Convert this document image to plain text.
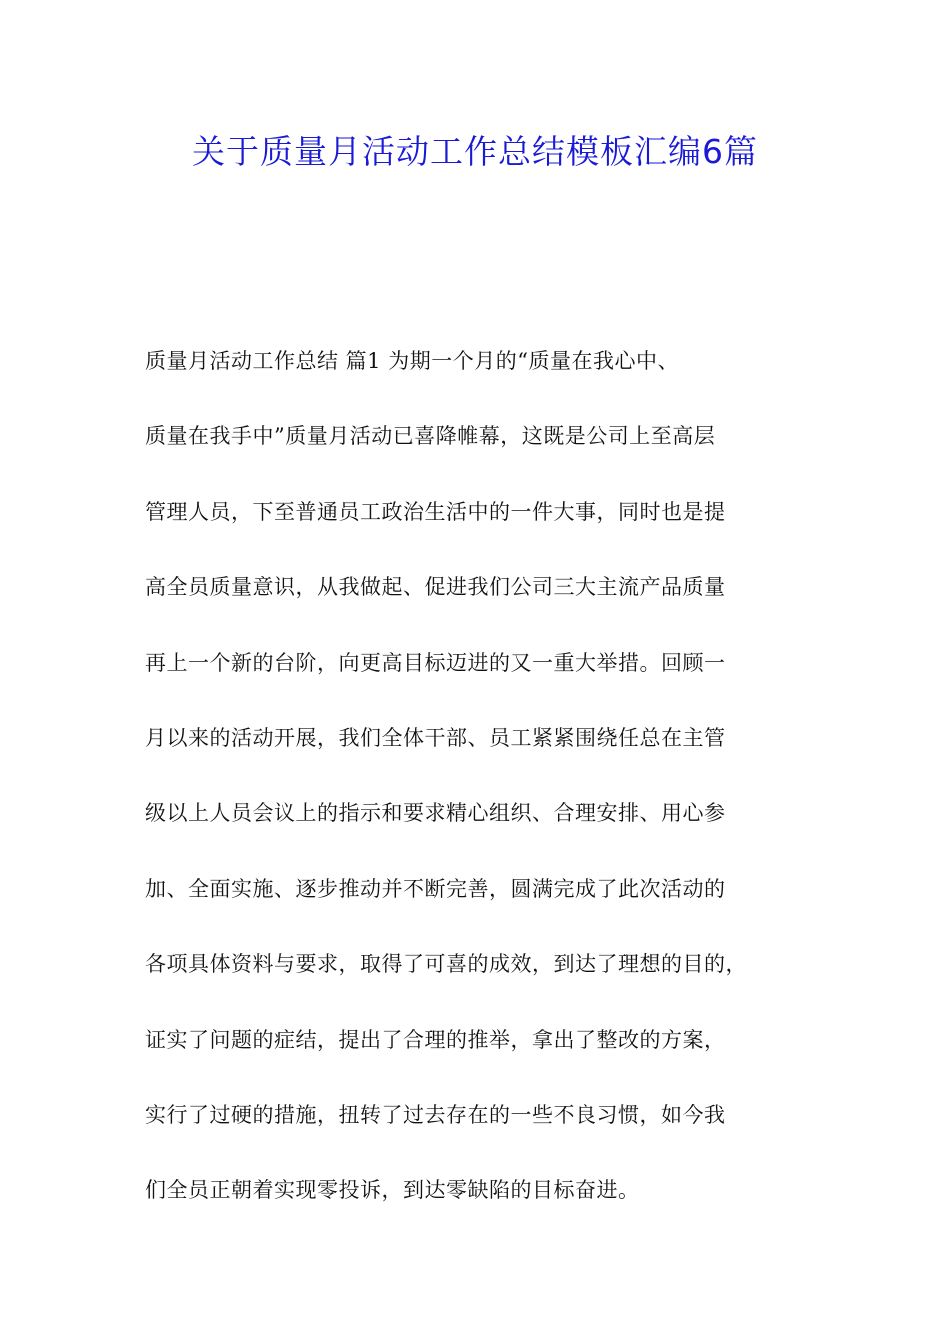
关于质量月活动工作总结模板汇编6篇
质量月活动工作总结 篇1 为期一个月的“质量在我心中、
质量在我手中”质量月活动已喜降帷幕，这既是公司上至高层
管理人员，下至普通员工政治生活中的一件大事，同时也是提
高全员质量意识，从我做起、促进我们公司三大主流产品质量
再上一个新的台阶，向更高目标迈进的又一重大举措。回顾一
月以来的活动开展，我们全体干部、员工紧紧围绕任总在主管
级以上人员会议上的指示和要求精心组织、合理安排、用心参
加、全面实施、逐步推动并不断完善，圆满完成了此次活动的
各项具体资料与要求，取得了可喜的成效，到达了理想的目的，
证实了问题的症结，提出了合理的推举，拿出了整改的方案，
实行了过硬的措施，扭转了过去存在的一些不良习惯，如今我
们全员正朝着实现零投诉，到达零缺陷的目标奋进。
